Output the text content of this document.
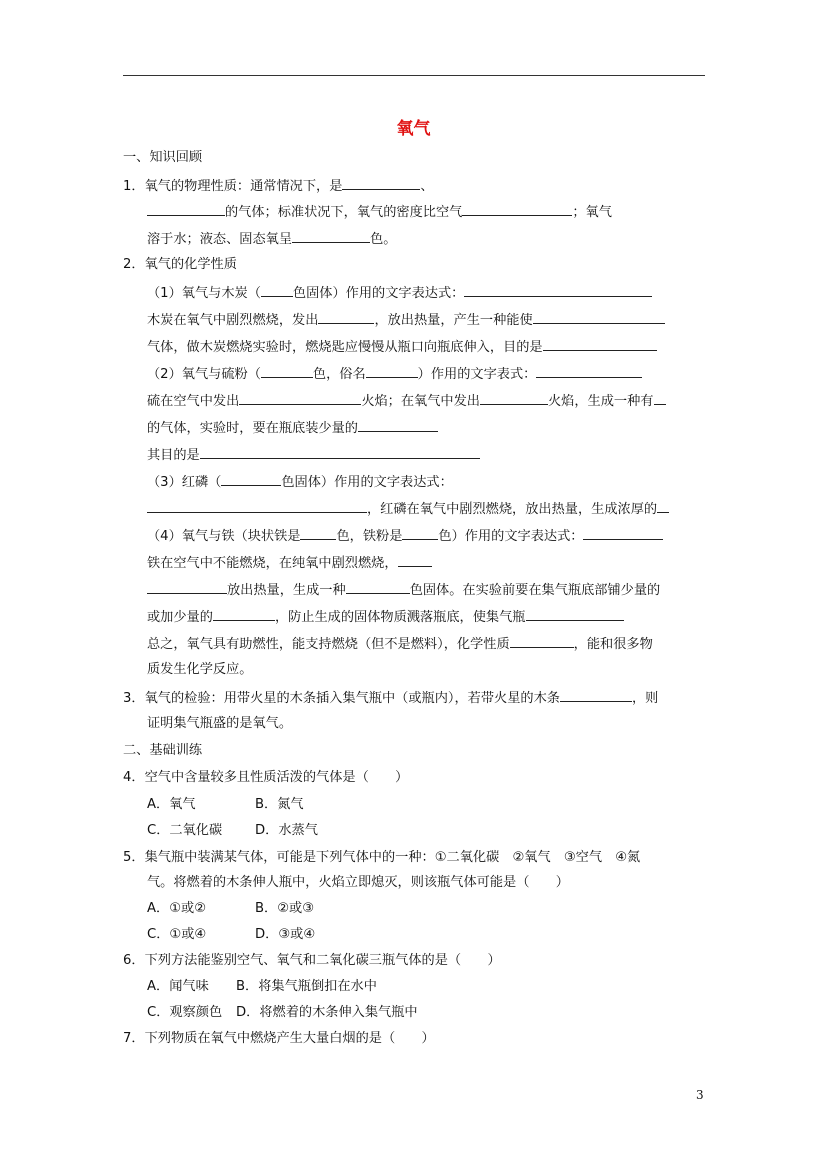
氧气
一、知识回顾
1．氧气的物理性质：通常情况下，是	、
的气体；标准状况下，氧气的密度比空气	；氧气
溶于水；液态、固态氧呈	色。
2．氧气的化学性质
（1）氧气与木炭（ 色固体）作用的文字表达式：
木炭在氧气中剧烈燃烧，发出	，放出热量，产生一种能使
气体，做木炭燃烧实验时，燃烧匙应慢慢从瓶口向瓶底伸入，目的是
（2）氧气与硫粉（	色，俗名	）作用的文字表式：
硫在空气中发出	火焰；在氧气中发出	火焰，生成一种有
的气体，实验时，要在瓶底装少量的
其目的是
（3）红磷（	色固体）作用的文字表达式：
，红磷在氧气中剧烈燃烧，放出热量，生成浓厚的
（4）氧气与铁（块状铁是	色，铁粉是	色）作用的文字表达式：
铁在空气中不能燃烧，在纯氧中剧烈燃烧，
放出热量，生成一种	色固体。在实验前要在集气瓶底部铺少量的
或加少量的	，防止生成的固体物质溅落瓶底，使集气瓶
总之，氧气具有助燃性，能支持燃烧（但不是燃料），化学性质	，能和很多物
质发生化学反应。
3．氧气的检验：用带火星的木条插入集气瓶中（或瓶内），若带火星的木条	，则
证明集气瓶盛的是氧气。
二、基础训练
4．空气中含量较多且性质活泼的气体是（　　）
A．氧气	B．氮气
C．二氧化碳 D．水蒸气
5．集气瓶中装满某气体，可能是下列气体中的一种：①二氧化碳　②氧气　③空气　④氮
气。将燃着的木条伸人瓶中，火焰立即熄灭，则该瓶气体可能是（　　）
A．①或②	B．②或③
C．①或④	D．③或④
6．下列方法能鉴别空气、氧气和二氧化碳三瓶气体的是（　　）
A．闻气味 B．将集气瓶倒扣在水中
C．观察颜色 D．将燃着的木条伸入集气瓶中
7．下列物质在氧气中燃烧产生大量白烟的是（　　）
3
